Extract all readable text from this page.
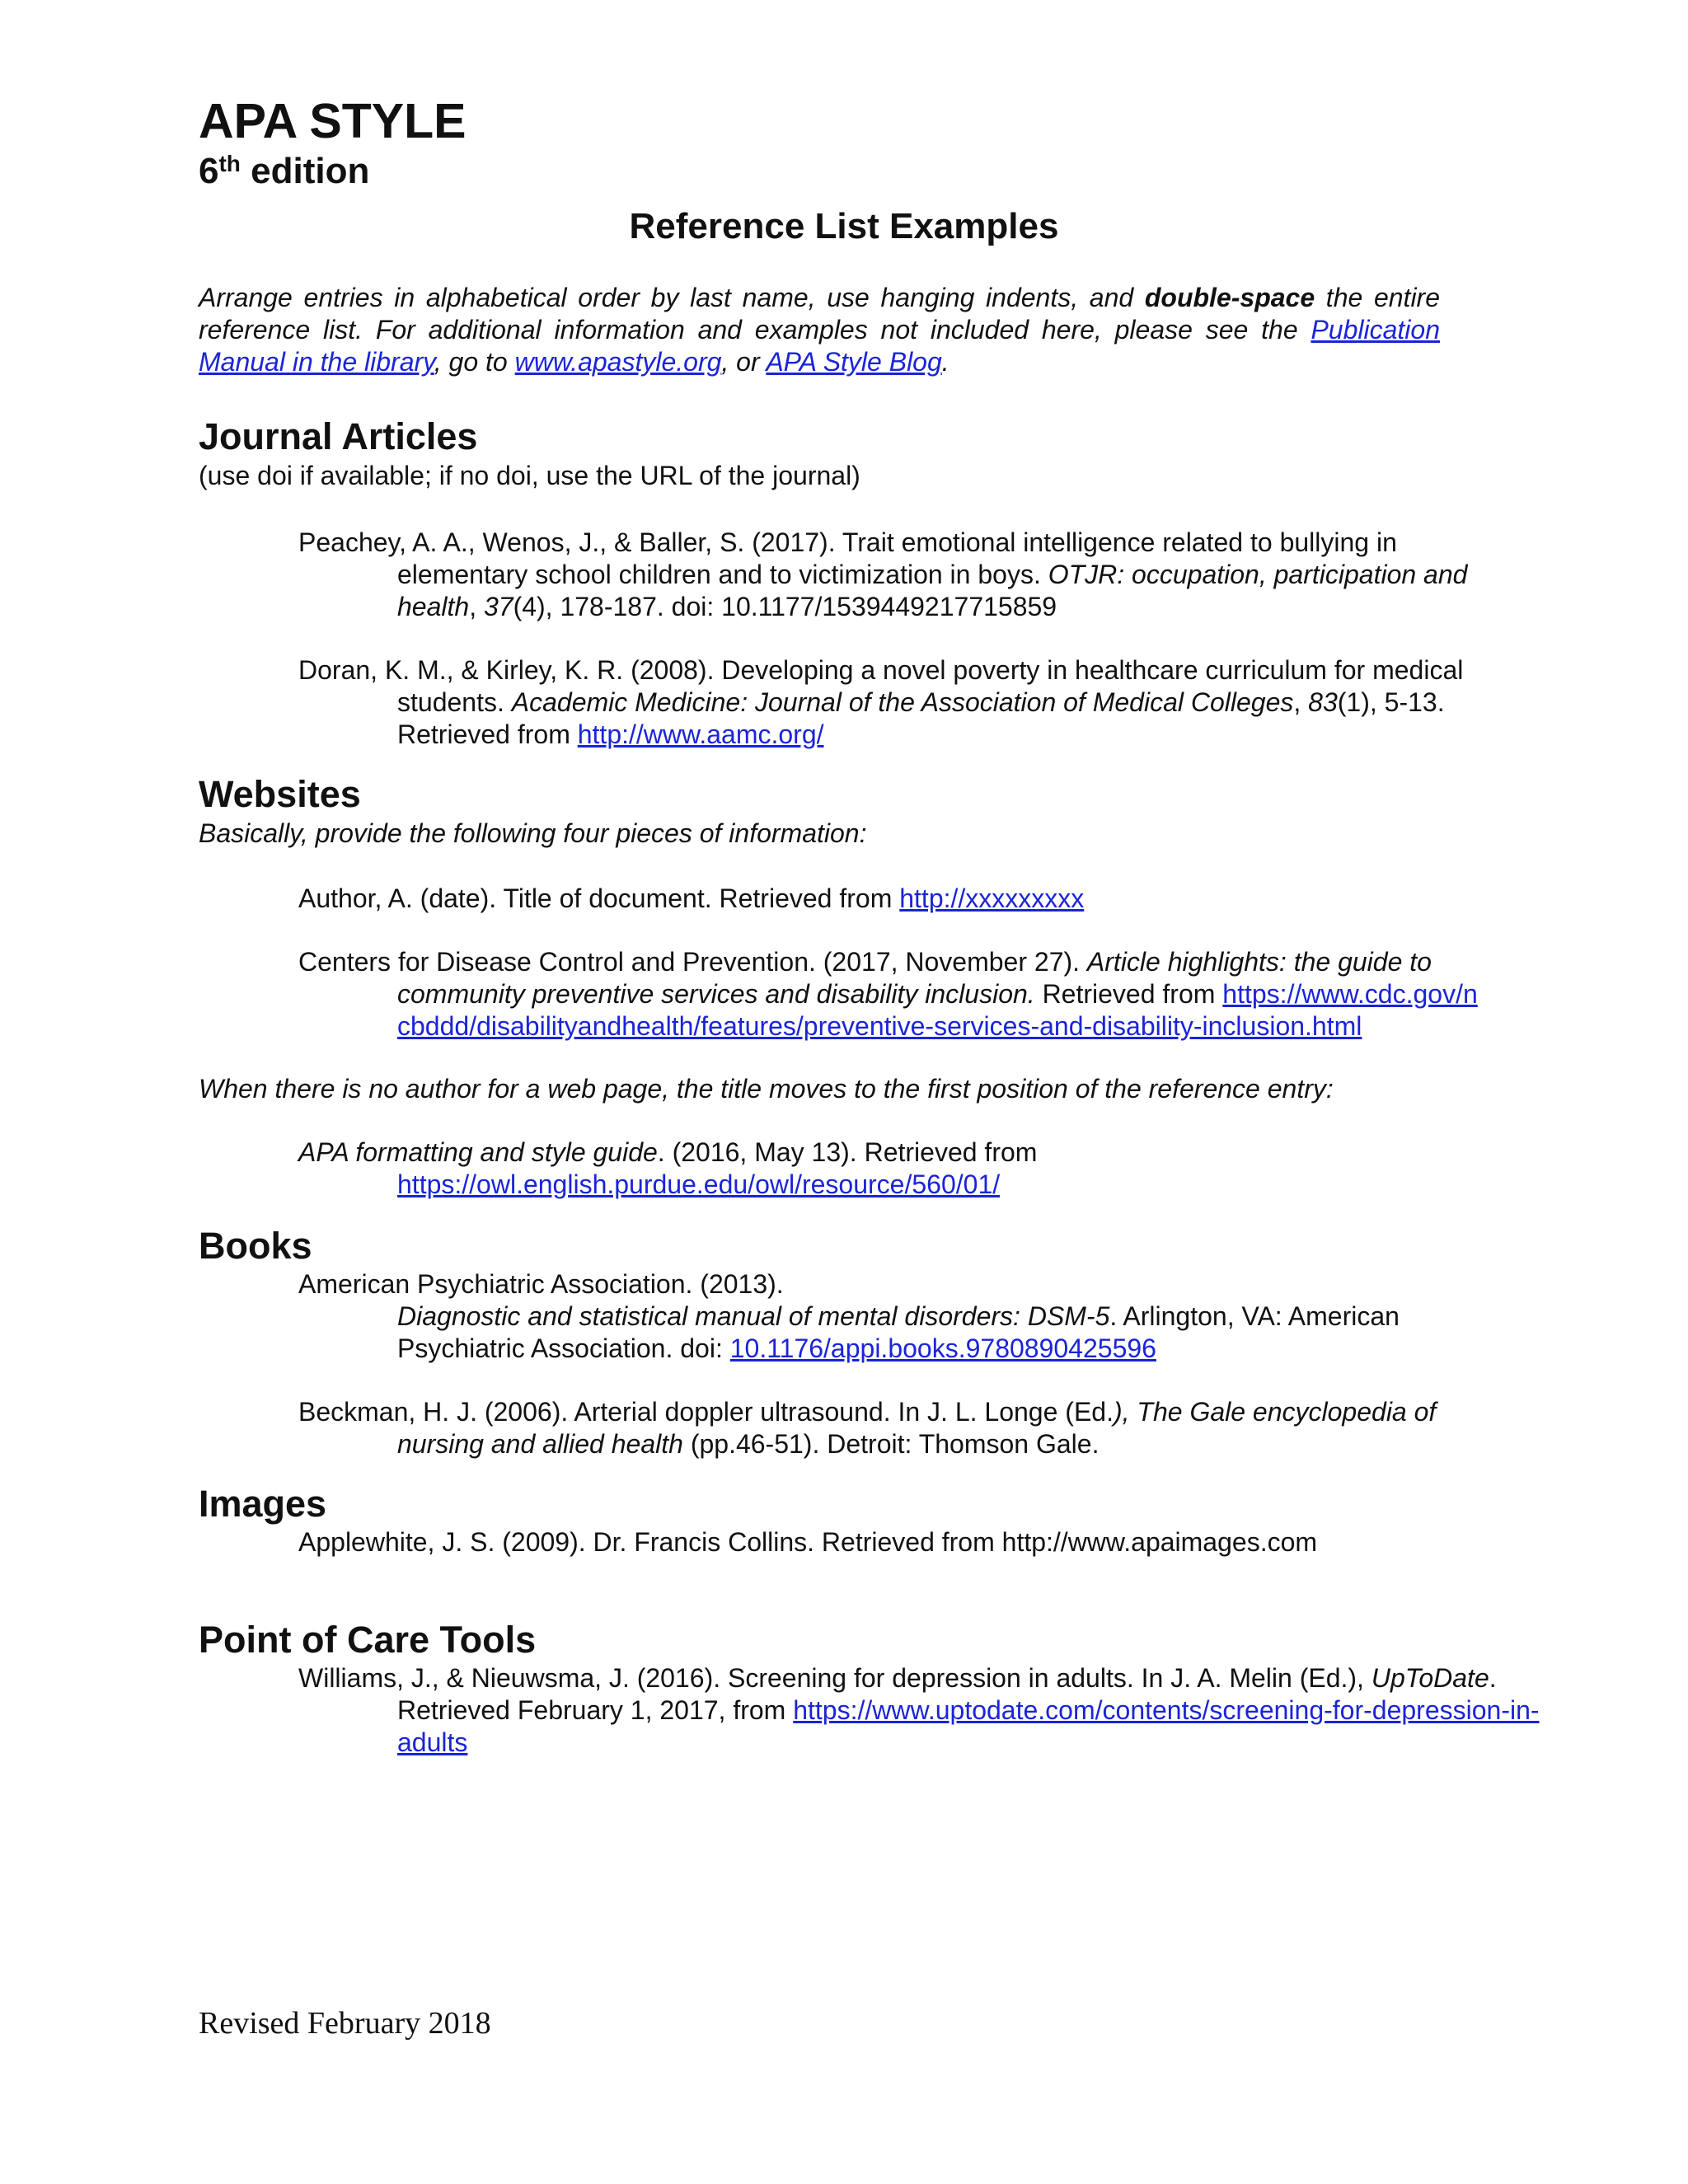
APA STYLE
6th edition
Reference List Examples

Arrange entries in alphabetical order by last name, use hanging indents, and double-space the entire reference list. For additional information and examples not included here, please see the Publication Manual in the library, go to www.apastyle.org, or APA Style Blog.

Journal Articles

(use doi if available; if no doi, use the URL of the journal)

Peachey, A. A., Wenos, J., & Baller, S. (2017). Trait emotional intelligence related to bullying in elementary school children and to victimization in boys. OTJR: occupation, participation and health, 37(4), 178-187. doi: 10.1177/1539449217715859

Doran, K. M., & Kirley, K. R. (2008). Developing a novel poverty in healthcare curriculum for medical students. Academic Medicine: Journal of the Association of Medical Colleges, 83(1), 5-13. Retrieved from http://www.aamc.org/

Websites

Basically, provide the following four pieces of information:

Author, A. (date). Title of document. Retrieved from http://xxxxxxxxx

Centers for Disease Control and Prevention. (2017, November 27). Article highlights: the guide to community preventive services and disability inclusion. Retrieved from https://www.cdc.gov/ncbddd/disabilityandhealth/features/preventive-services-and-disability-inclusion.html

When there is no author for a web page, the title moves to the first position of the reference entry:

APA formatting and style guide. (2016, May 13). Retrieved from https://owl.english.purdue.edu/owl/resource/560/01/

Books

American Psychiatric Association. (2013).
Diagnostic and statistical manual of mental disorders: DSM-5. Arlington, VA: American Psychiatric Association. doi: 10.1176/appi.books.9780890425596

Beckman, H. J. (2006). Arterial doppler ultrasound. In J. L. Longe (Ed.), The Gale encyclopedia of nursing and allied health (pp.46-51). Detroit: Thomson Gale.

Images

Applewhite, J. S. (2009). Dr. Francis Collins. Retrieved from http://www.apaimages.com

Point of Care Tools

Williams, J., & Nieuwsma, J. (2016). Screening for depression in adults. In J. A. Melin (Ed.), UpToDate. Retrieved February 1, 2017, from https://www.uptodate.com/contents/screening-for-depression-in-adults

Revised February 2018
